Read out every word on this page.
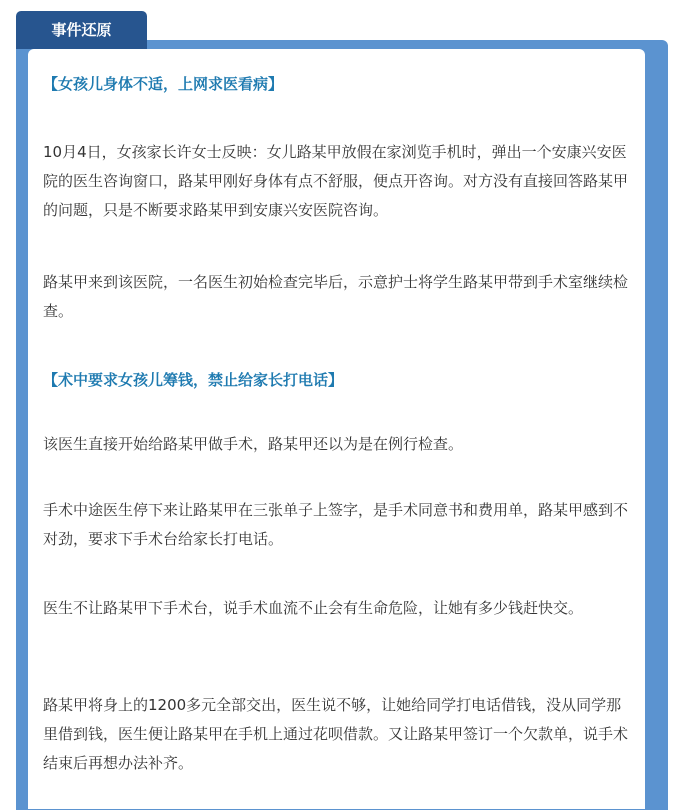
事件还原

【女孩儿身体不适，上网求医看病】

10月4日，女孩家长许女士反映：女儿路某甲放假在家浏览手机时，弹出一个安康兴安医院的医生咨询窗口，路某甲刚好身体有点不舒服，便点开咨询。对方没有直接回答路某甲的问题，只是不断要求路某甲到安康兴安医院咨询。

路某甲来到该医院，一名医生初始检查完毕后，示意护士将学生路某甲带到手术室继续检查。

【术中要求女孩儿筹钱，禁止给家长打电话】

该医生直接开始给路某甲做手术，路某甲还以为是在例行检查。

手术中途医生停下来让路某甲在三张单子上签字，是手术同意书和费用单，路某甲感到不对劲，要求下手术台给家长打电话。

医生不让路某甲下手术台，说手术血流不止会有生命危险，让她有多少钱赶快交。

路某甲将身上的1200多元全部交出，医生说不够，让她给同学打电话借钱，没从同学那里借到钱，医生便让路某甲在手机上通过花呗借款。又让路某甲签订一个欠款单，说手术结束后再想办法补齐。
